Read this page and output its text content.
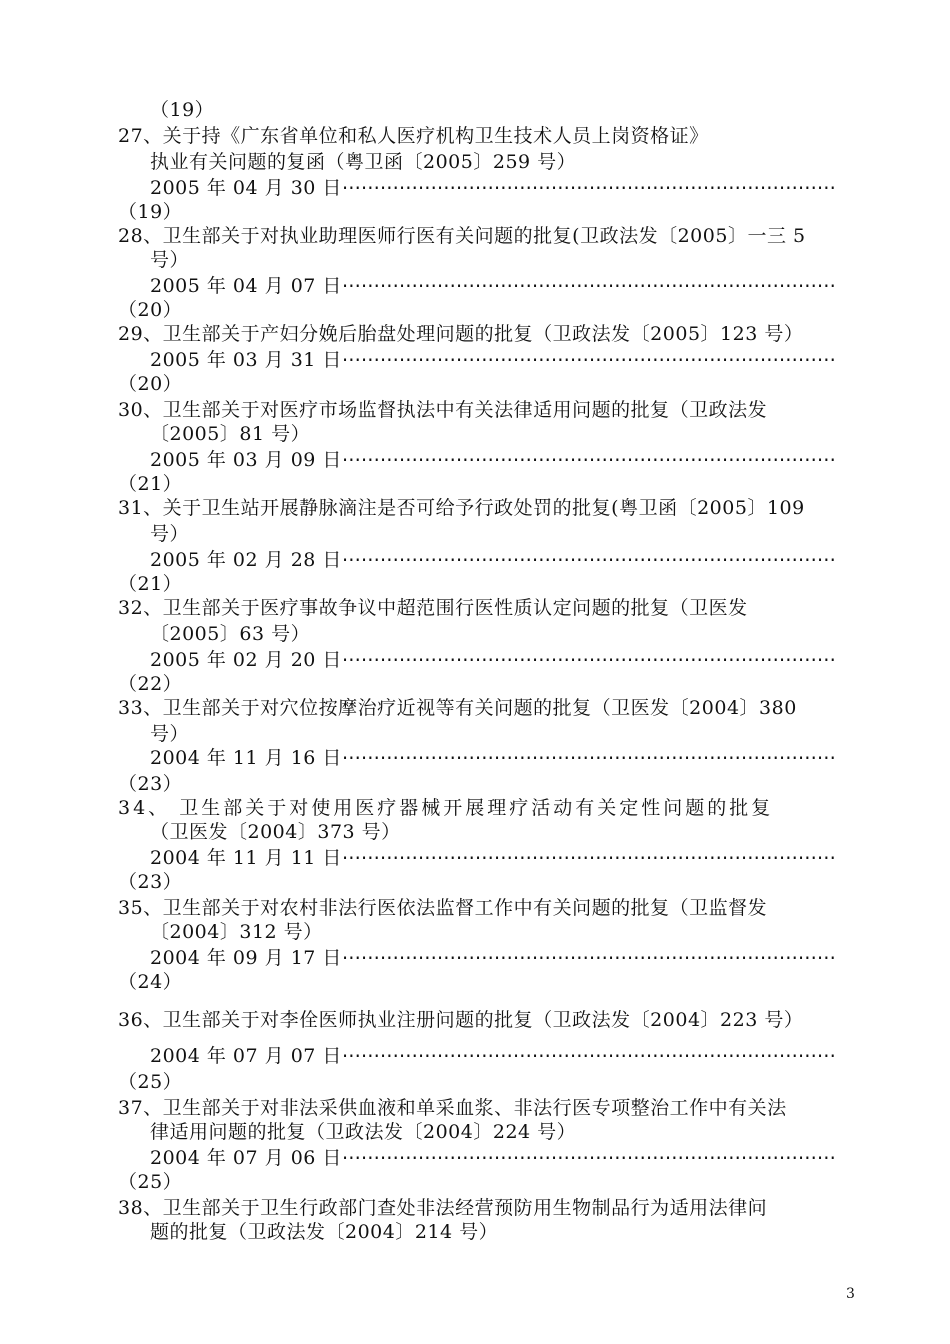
（19）
27、关于持《广东省单位和私人医疗机构卫生技术人员上岗资格证》
执业有关问题的复函（粤卫函〔2005〕259 号）
2005 年 04 月 30 日⋯⋯⋯⋯⋯⋯⋯⋯⋯⋯⋯⋯⋯⋯⋯⋯⋯⋯⋯⋯⋯⋯⋯⋯⋯⋯
（19）
28、卫生部关于对执业助理医师行医有关问题的批复(卫政法发〔2005〕一三 5
号）
2005 年 04 月 07 日⋯⋯⋯⋯⋯⋯⋯⋯⋯⋯⋯⋯⋯⋯⋯⋯⋯⋯⋯⋯⋯⋯⋯⋯⋯⋯
（20）
29、卫生部关于产妇分娩后胎盘处理问题的批复（卫政法发〔2005〕123 号）
2005 年 03 月 31 日⋯⋯⋯⋯⋯⋯⋯⋯⋯⋯⋯⋯⋯⋯⋯⋯⋯⋯⋯⋯⋯⋯⋯⋯⋯⋯
（20）
30、卫生部关于对医疗市场监督执法中有关法律适用问题的批复（卫政法发
〔2005〕81 号）
2005 年 03 月 09 日⋯⋯⋯⋯⋯⋯⋯⋯⋯⋯⋯⋯⋯⋯⋯⋯⋯⋯⋯⋯⋯⋯⋯⋯⋯⋯
（21）
31、关于卫生站开展静脉滴注是否可给予行政处罚的批复(粤卫函〔2005〕109
号）
2005 年 02 月 28 日⋯⋯⋯⋯⋯⋯⋯⋯⋯⋯⋯⋯⋯⋯⋯⋯⋯⋯⋯⋯⋯⋯⋯⋯⋯⋯
（21）
32、卫生部关于医疗事故争议中超范围行医性质认定问题的批复（卫医发
〔2005〕63 号）
2005 年 02 月 20 日⋯⋯⋯⋯⋯⋯⋯⋯⋯⋯⋯⋯⋯⋯⋯⋯⋯⋯⋯⋯⋯⋯⋯⋯⋯⋯
（22）
33、卫生部关于对穴位按摩治疗近视等有关问题的批复（卫医发〔2004〕380
号）
2004 年 11 月 16 日⋯⋯⋯⋯⋯⋯⋯⋯⋯⋯⋯⋯⋯⋯⋯⋯⋯⋯⋯⋯⋯⋯⋯⋯⋯⋯
（23）
34、 卫生部关于对使用医疗器械开展理疗活动有关定性问题的批复
（卫医发〔2004〕373 号）
2004 年 11 月 11 日⋯⋯⋯⋯⋯⋯⋯⋯⋯⋯⋯⋯⋯⋯⋯⋯⋯⋯⋯⋯⋯⋯⋯⋯⋯⋯
（23）
35、卫生部关于对农村非法行医依法监督工作中有关问题的批复（卫监督发
〔2004〕312 号）
2004 年 09 月 17 日⋯⋯⋯⋯⋯⋯⋯⋯⋯⋯⋯⋯⋯⋯⋯⋯⋯⋯⋯⋯⋯⋯⋯⋯⋯⋯
（24）
36、卫生部关于对李佺医师执业注册问题的批复（卫政法发〔2004〕223 号）
2004 年 07 月 07 日⋯⋯⋯⋯⋯⋯⋯⋯⋯⋯⋯⋯⋯⋯⋯⋯⋯⋯⋯⋯⋯⋯⋯⋯⋯⋯
（25）
37、卫生部关于对非法采供血液和单采血浆、非法行医专项整治工作中有关法
律适用问题的批复（卫政法发〔2004〕224 号）
2004 年 07 月 06 日⋯⋯⋯⋯⋯⋯⋯⋯⋯⋯⋯⋯⋯⋯⋯⋯⋯⋯⋯⋯⋯⋯⋯⋯⋯⋯
（25）
38、卫生部关于卫生行政部门查处非法经营预防用生物制品行为适用法律问
题的批复（卫政法发〔2004〕214 号）
3
